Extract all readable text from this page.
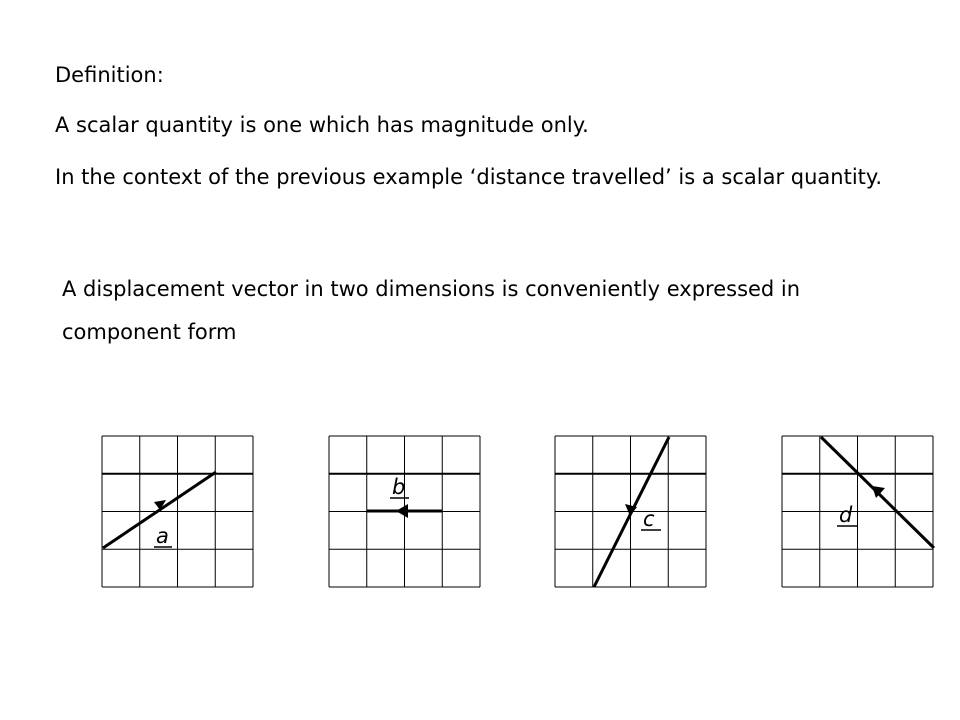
Definition:
A scalar quantity is one which has magnitude only.
In the context of the previous example ‘distance travelled’ is a scalar quantity.
A displacement vector in two dimensions is conveniently expressed in component form
a
b
c	d
